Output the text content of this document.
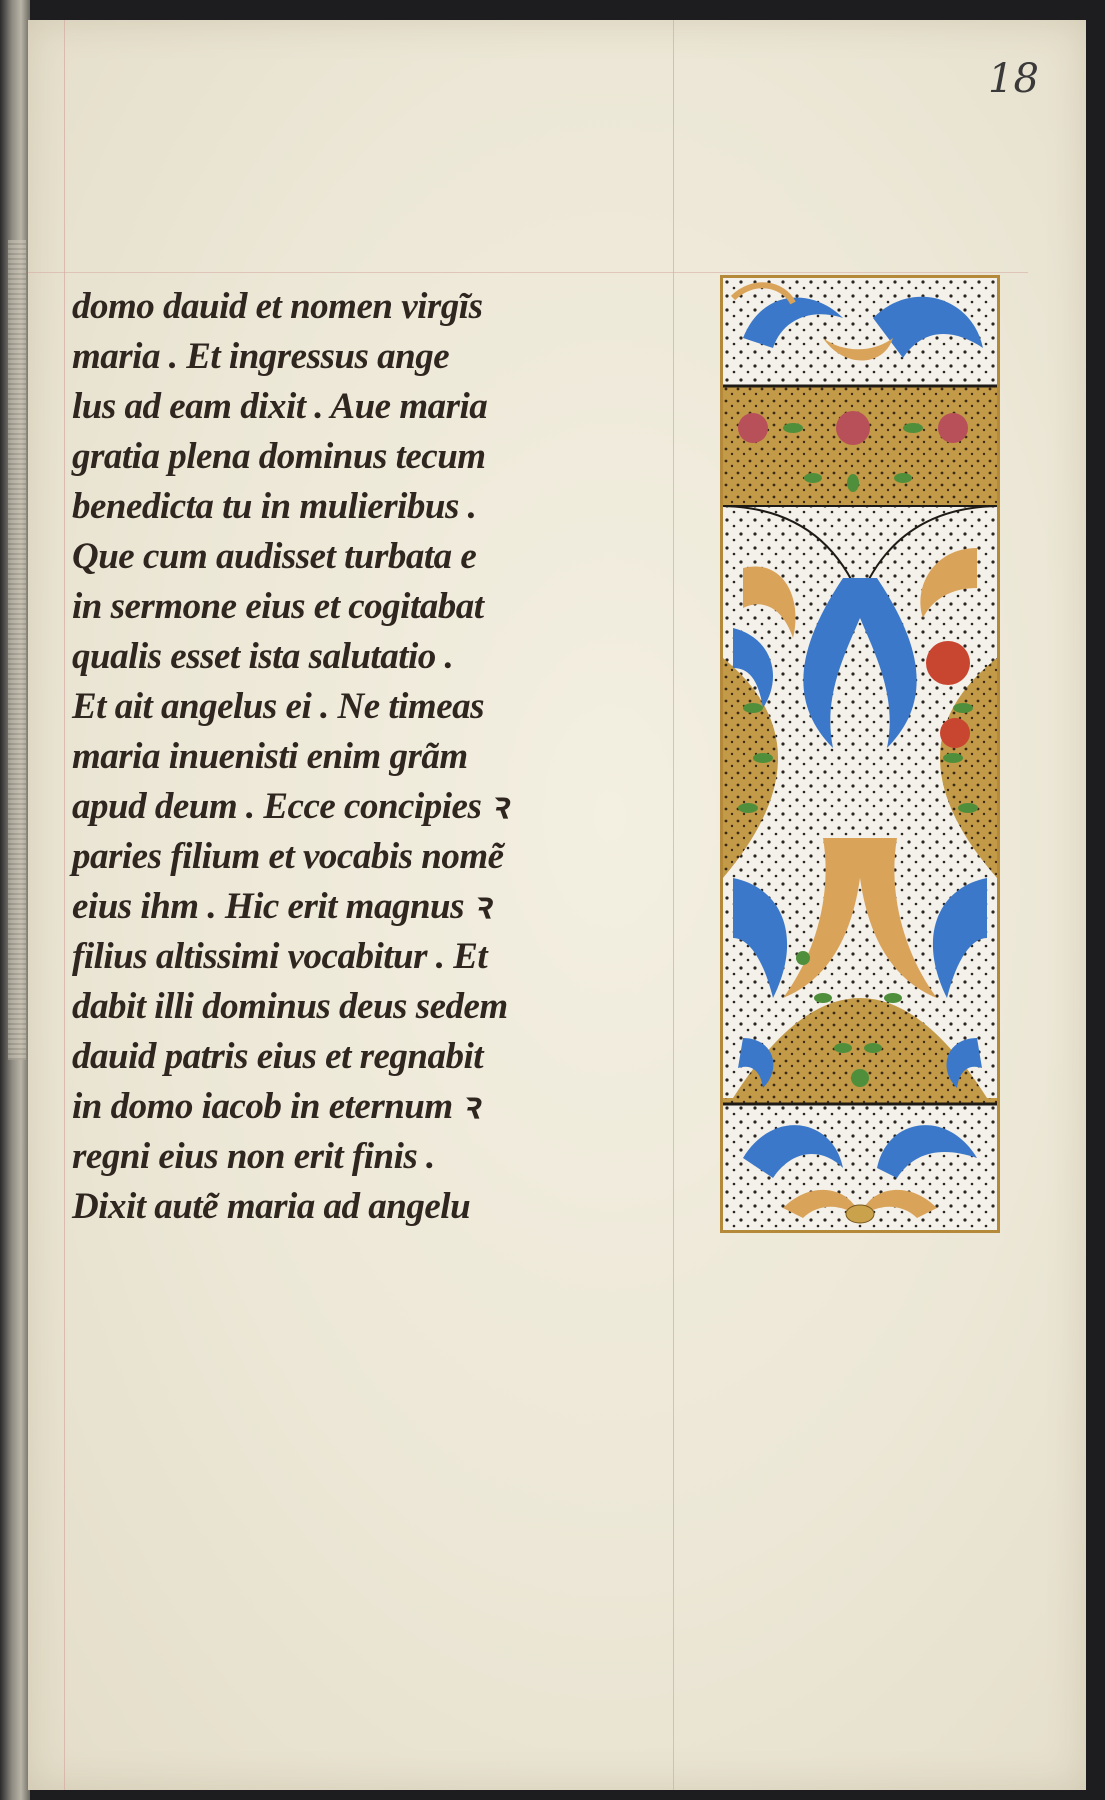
18
domo dauid et nomen virgĩs
maria . Et ingressus ange
lus ad eam dixit . Aue maria
gratia plena dominus tecum
benedicta tu in mulieribus .
Que cum audisset turbata e
in sermone eius et cogitabat
qualis esset ista salutatio .
Et ait angelus ei . Ne timeas
maria inuenisti enim grãm
apud deum . Ecce concipies ꝛ
paries filium et vocabis nomẽ
eius ihm . Hic erit magnus ꝛ
filius altissimi vocabitur . Et
dabit illi dominus deus sedem
dauid patris eius et regnabit
in domo iacob in eternum ꝛ
regni eius non erit finis .
Dixit autẽ maria ad angelu
